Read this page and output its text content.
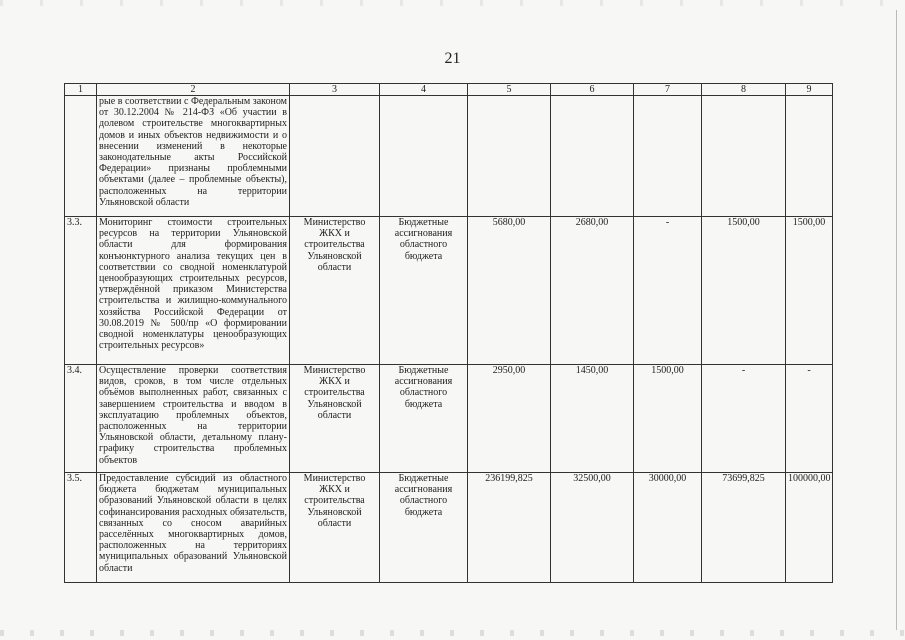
21
1	2	3	4	5	6	7	8	9
	рые в соответствии с Федеральным законом от 30.12.2004 № 214-ФЗ «Об участии в долевом строительстве многоквартирных домов и иных объектов недвижимости и о внесении изменений в некоторые законодательные акты Российской Федерации» признаны проблемными объектами (далее – проблемные объекты), расположенных на территории Ульяновской области							
3.3.	Мониторинг стоимости строительных ресурсов на территории Ульяновской области для формирования конъюнктурного анализа текущих цен в соответствии со сводной номенклатурой ценообразующих строительных ресурсов, утверждённой приказом Министерства строительства и жилищно-коммунального хозяйства Российской Федерации от 30.08.2019 № 500/пр «О формировании сводной номенклатуры ценообразующих строительных ресурсов»	Министерство ЖКХ и строительства Ульяновской области	Бюджетные ассигнования областного бюджета	5680,00	2680,00	-	1500,00	1500,00
3.4.	Осуществление проверки соответствия видов, сроков, в том числе отдельных объёмов выполненных работ, связанных с завершением строительства и вводом в эксплуатацию проблемных объектов, расположенных на территории Ульяновской области, детальному плану-графику строительства проблемных объектов	Министерство ЖКХ и строительства Ульяновской области	Бюджетные ассигнования областного бюджета	2950,00	1450,00	1500,00	-	-
3.5.	Предоставление субсидий из областного бюджета бюджетам муниципальных образований Ульяновской области в целях софинансирования расходных обязательств, связанных со сносом аварийных расселённых многоквартирных домов, расположенных на территориях муниципальных образований Ульяновской области	Министерство ЖКХ и строительства Ульяновской области	Бюджетные ассигнования областного бюджета	236199,825	32500,00	30000,00	73699,825	100000,00
